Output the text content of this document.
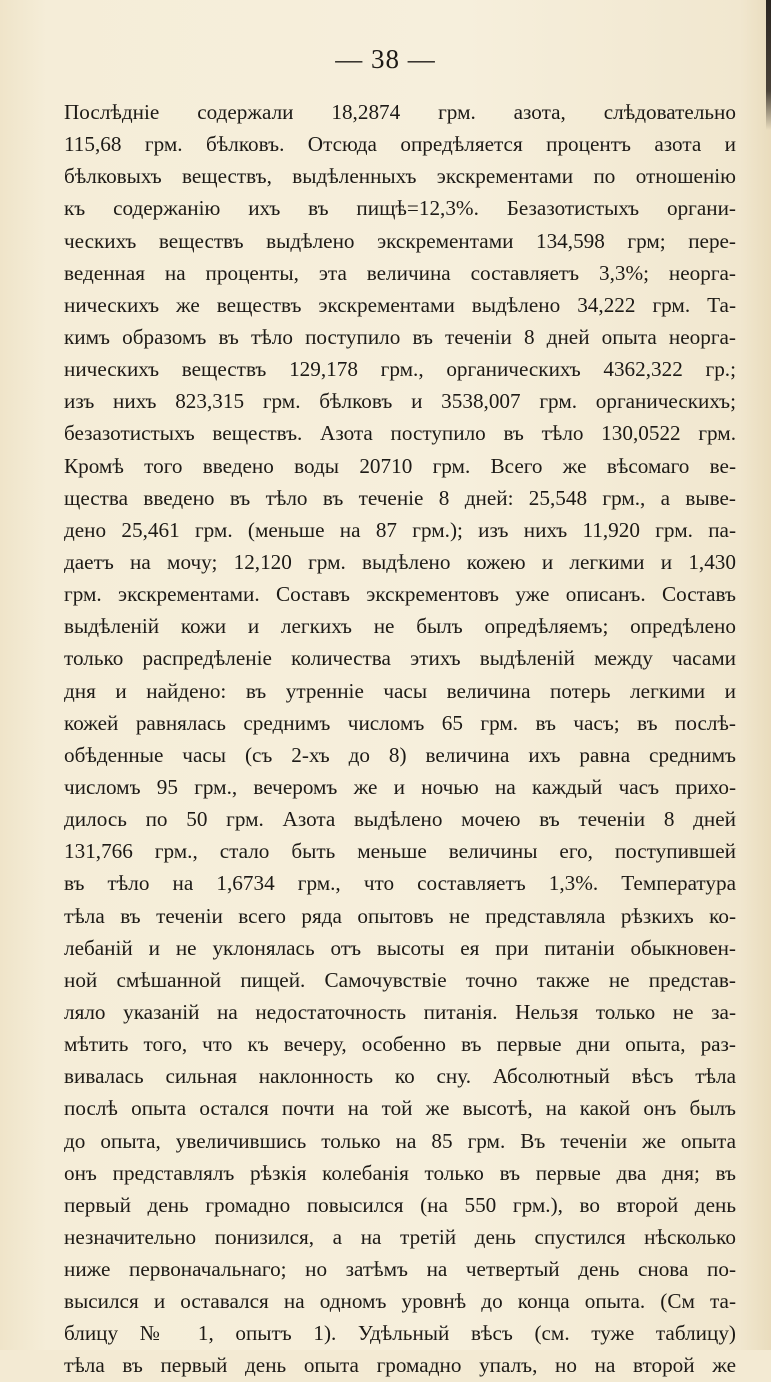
— 38 —
Послѣдніе содержали 18,2874 грм. азота, слѣдовательно
115,68 грм. бѣлковъ. Отсюда опредѣляется процентъ азота и
бѣлковыхъ веществъ, выдѣленныхъ экскрементами по отношенію
къ содержанію ихъ въ пищѣ=12,3%. Безазотистыхъ органи-
ческихъ веществъ выдѣлено экскрементами 134,598 грм; пере-
веденная на проценты, эта величина составляетъ 3,3%; неорга-
ническихъ же веществъ экскрементами выдѣлено 34,222 грм. Та-
кимъ образомъ въ тѣло поступило въ теченіи 8 дней опыта неорга-
ническихъ веществъ 129,178 грм., органическихъ 4362,322 гр.;
изъ нихъ 823,315 грм. бѣлковъ и 3538,007 грм. органическихъ;
безазотистыхъ веществъ. Азота поступило въ тѣло 130,0522 грм.
Кромѣ того введено воды 20710 грм. Всего же вѣсомаго ве-
щества введено въ тѣло въ теченіе 8 дней: 25,548 грм., а выве-
дено 25,461 грм. (меньше на 87 грм.); изъ нихъ 11,920 грм. па-
даетъ на мочу; 12,120 грм. выдѣлено кожею и легкими и 1,430
грм. экскрементами. Составъ экскрементовъ уже описанъ. Составъ
выдѣленій кожи и легкихъ не былъ опредѣляемъ; опредѣлено
только распредѣленіе количества этихъ выдѣленій между часами
дня и найдено: въ утренніе часы величина потерь легкими и
кожей равнялась среднимъ числомъ 65 грм. въ часъ; въ послѣ-
обѣденные часы (съ 2-хъ до 8) величина ихъ равна среднимъ
числомъ 95 грм., вечеромъ же и ночью на каждый часъ прихо-
дилось по 50 грм. Азота выдѣлено мочею въ теченіи 8 дней
131,766 грм., стало быть меньше величины его, поступившей
въ тѣло на 1,6734 грм., что составляетъ 1,3%. Температура
тѣла въ теченіи всего ряда опытовъ не представляла рѣзкихъ ко-
лебаній и не уклонялась отъ высоты ея при питаніи обыкновен-
ной смѣшанной пищей. Самочувствіе точно также не представ-
ляло указаній на недостаточность питанія. Нельзя только не за-
мѣтить того, что къ вечеру, особенно въ первые дни опыта, раз-
вивалась сильная наклонность ко сну. Абсолютный вѣсъ тѣла
послѣ опыта остался почти на той же высотѣ, на какой онъ былъ
до опыта, увеличившись только на 85 грм. Въ теченіи же опыта
онъ представлялъ рѣзкія колебанія только въ первые два дня; въ
первый день громадно повысился (на 550 грм.), во второй день
незначительно понизился, а на третій день спустился нѣсколько
ниже первоначальнаго; но затѣмъ на четвертый день снова по-
высился и оставался на одномъ уровнѣ до конца опыта. (См та-
блицу № 1, опытъ 1). Удѣльный вѣсъ (см. туже таблицу)
тѣла въ первый день опыта громадно упалъ, но на второй же
